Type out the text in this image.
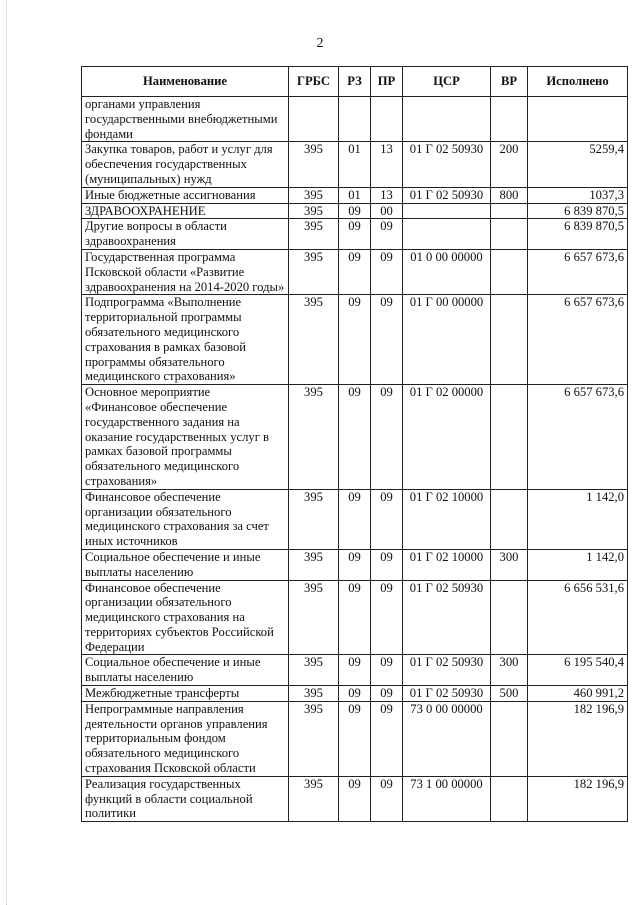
2
Наименование	ГРБС	РЗ	ПР	ЦСР	ВР	Исполнено
органами управления государственными внебюджетными фондами						
Закупка товаров, работ и услуг для обеспечения государственных (муниципальных) нужд	395	01	13	01 Г 02 50930	200	5259,4
Иные бюджетные ассигнования	395	01	13	01 Г 02 50930	800	1037,3
ЗДРАВООХРАНЕНИЕ	395	09	00			6 839 870,5
Другие вопросы в области здравоохранения	395	09	09			6 839 870,5
Государственная программа Псковской области «Развитие здравоохранения на 2014-2020 годы»	395	09	09	01 0 00 00000		6 657 673,6
Подпрограмма «Выполнение территориальной программы обязательного медицинского страхования в рамках базовой программы обязательного медицинского страхования»	395	09	09	01 Г 00 00000		6 657 673,6
Основное мероприятие «Финансовое обеспечение государственного задания на оказание государственных услуг в рамках базовой программы обязательного медицинского страхования»	395	09	09	01 Г 02 00000		6 657 673,6
Финансовое обеспечение организации обязательного медицинского страхования за счет иных источников	395	09	09	01 Г 02 10000		1 142,0
Социальное обеспечение и иные выплаты населению	395	09	09	01 Г 02 10000	300	1 142,0
Финансовое обеспечение организации обязательного медицинского страхования на территориях субъектов Российской Федерации	395	09	09	01 Г 02 50930		6 656 531,6
Социальное обеспечение и иные выплаты населению	395	09	09	01 Г 02 50930	300	6 195 540,4
Межбюджетные трансферты	395	09	09	01 Г 02 50930	500	460 991,2
Непрограммные направления деятельности органов управления территориальным фондом обязательного медицинского страхования Псковской области	395	09	09	73 0 00 00000		182 196,9
Реализация государственных функций в области социальной политики	395	09	09	73 1 00 00000		182 196,9
